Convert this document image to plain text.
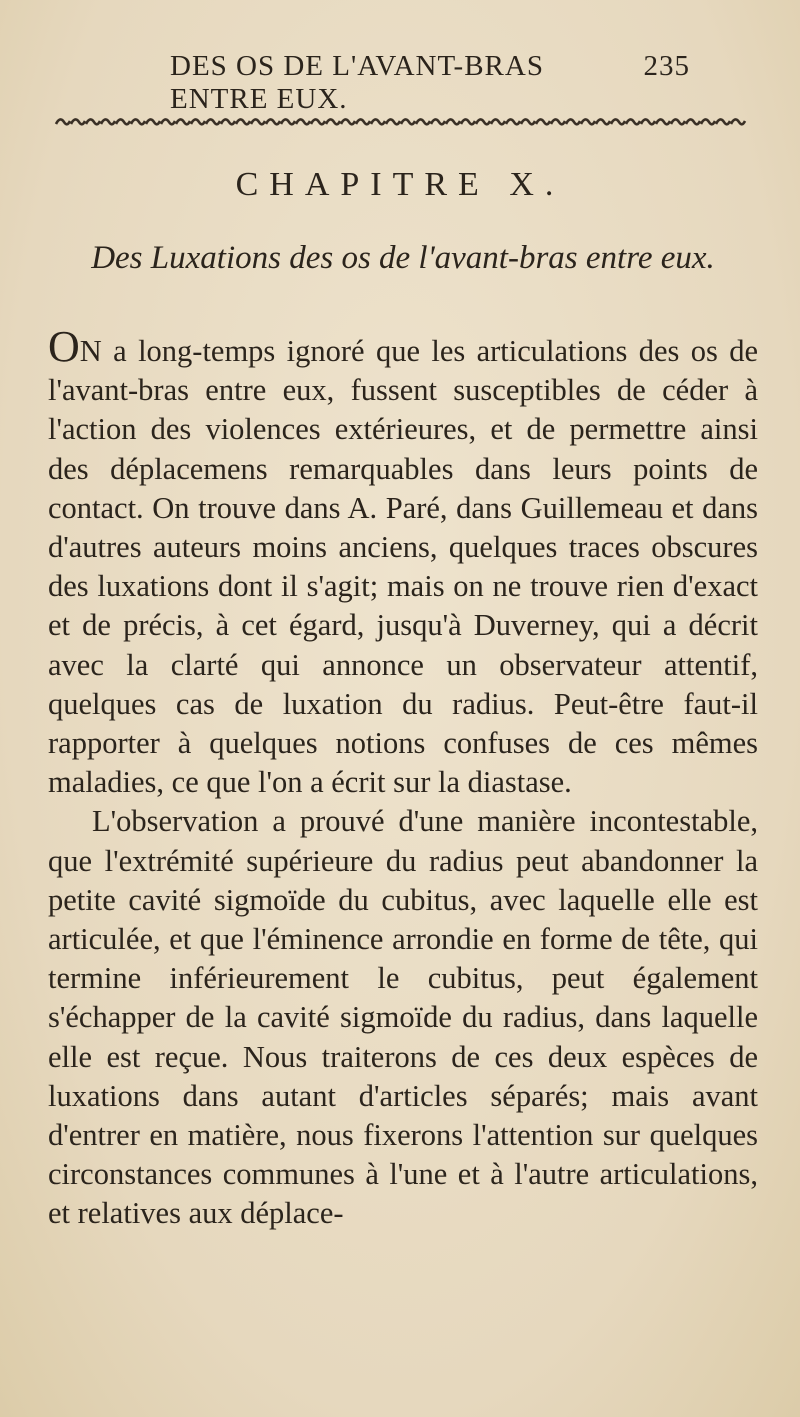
DES OS DE L'AVANT-BRAS ENTRE EUX.
235
CHAPITRE X.
Des Luxations des os de l'avant-bras entre eux.

ON a long-temps ignoré que les articulations des os de l'avant-bras entre eux, fussent susceptibles de céder à l'action des violences extérieures, et de permettre ainsi des déplacemens remarquables dans leurs points de contact. On trouve dans A. Paré, dans Guillemeau et dans d'autres auteurs moins anciens, quelques traces obscures des luxations dont il s'agit; mais on ne trouve rien d'exact et de précis, à cet égard, jusqu'à Duverney, qui a décrit avec la clarté qui annonce un observateur attentif, quelques cas de luxation du radius. Peut-être faut-il rapporter à quelques notions confuses de ces mêmes maladies, ce que l'on a écrit sur la diastase.

L'observation a prouvé d'une manière incontestable, que l'extrémité supérieure du radius peut abandonner la petite cavité sigmoïde du cubitus, avec laquelle elle est articulée, et que l'éminence arrondie en forme de tête, qui termine inférieurement le cubitus, peut également s'échapper de la cavité sigmoïde du radius, dans laquelle elle est reçue. Nous traiterons de ces deux espèces de luxations dans autant d'articles séparés; mais avant d'entrer en matière, nous fixerons l'attention sur quelques circonstances communes à l'une et à l'autre articulations, et relatives aux déplace-
